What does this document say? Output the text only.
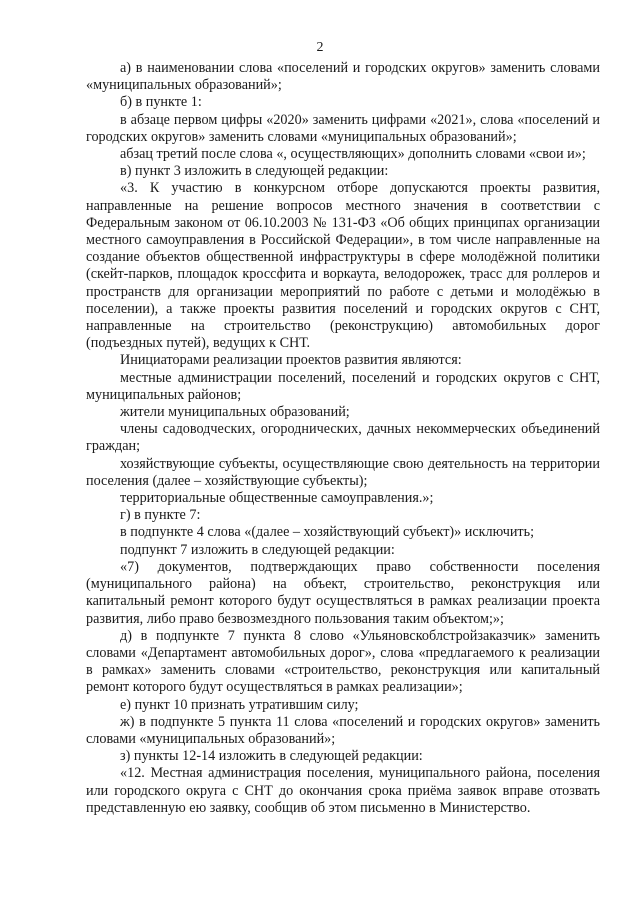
2

а) в наименовании слова «поселений и городских округов» заменить словами «муниципальных образований»;

б) в пункте 1:

в абзаце первом цифры «2020» заменить цифрами «2021», слова «поселений и городских округов» заменить словами «муниципальных образований»;

абзац третий после слова «, осуществляющих» дополнить словами «свои и»;

в) пункт 3 изложить в следующей редакции:

«3. К участию в конкурсном отборе допускаются проекты развития, направленные на решение вопросов местного значения в соответствии с Федеральным законом от 06.10.2003 № 131-ФЗ «Об общих принципах организации местного самоуправления в Российской Федерации», в том числе направленные на создание объектов общественной инфраструктуры в сфере молодёжной политики (скейт-парков, площадок кроссфита и воркаута, велодорожек, трасс для роллеров и пространств для организации мероприятий по работе с детьми и молодёжью в поселении), а также проекты развития поселений и городских округов с СНТ, направленные на строительство (реконструкцию) автомобильных дорог (подъездных путей), ведущих к СНТ.

Инициаторами реализации проектов развития являются:

местные администрации поселений, поселений и городских округов с СНТ, муниципальных районов;

жители муниципальных образований;

члены садоводческих, огороднических, дачных некоммерческих объединений граждан;

хозяйствующие субъекты, осуществляющие свою деятельность на территории поселения (далее – хозяйствующие субъекты);

территориальные общественные самоуправления.»;

г) в пункте 7:

в подпункте 4 слова «(далее – хозяйствующий субъект)» исключить;

подпункт 7 изложить в следующей редакции:

«7) документов, подтверждающих право собственности поселения (муниципального района) на объект, строительство, реконструкция или капитальный ремонт которого будут осуществляться в рамках реализации проекта развития, либо право безвозмездного пользования таким объектом;»;

д) в подпункте 7 пункта 8 слово «Ульяновскоблстройзаказчик» заменить словами «Департамент автомобильных дорог», слова «предлагаемого к реализации в рамках» заменить словами «строительство, реконструкция или капитальный ремонт которого будут осуществляться в рамках реализации»;

е) пункт 10 признать утратившим силу;

ж) в подпункте 5 пункта 11 слова «поселений и городских округов» заменить словами «муниципальных образований»;

з) пункты 12-14 изложить в следующей редакции:

«12. Местная администрация поселения, муниципального района, поселения или городского округа с СНТ до окончания срока приёма заявок вправе отозвать представленную ею заявку, сообщив об этом письменно в Министерство.
